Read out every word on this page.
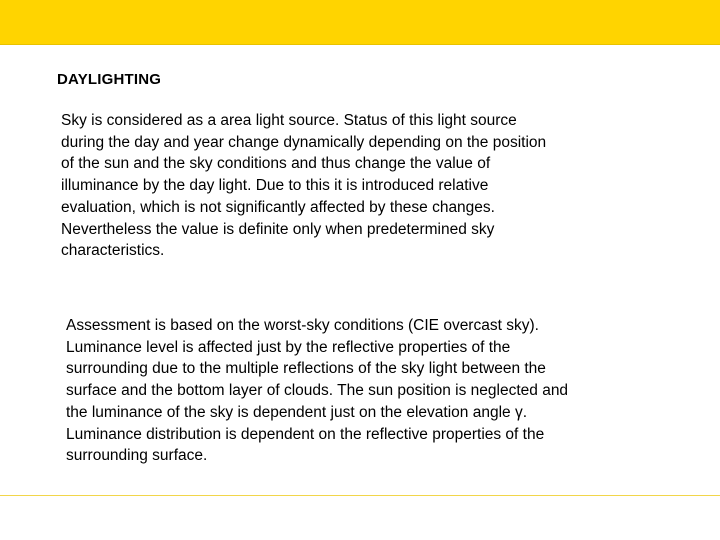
DAYLIGHTING
Sky is considered as a area light source. Status of this light source
during the day and year change dynamically depending on the position
of the sun and the sky conditions and thus change the value of
illuminance by the day light. Due to this it is introduced relative
evaluation, which is not significantly affected by these changes.
Nevertheless the value is definite only when predetermined sky
characteristics.
Assessment is based on the worst-sky conditions (CIE overcast sky).
Luminance level is affected just by the reflective properties of the
surrounding due to the multiple reflections of the sky light between the
surface and the bottom layer of clouds. The sun position is neglected and
the luminance of the sky is dependent just on the elevation angle γ.
Luminance distribution is dependent on the reflective properties of the
surrounding surface.
